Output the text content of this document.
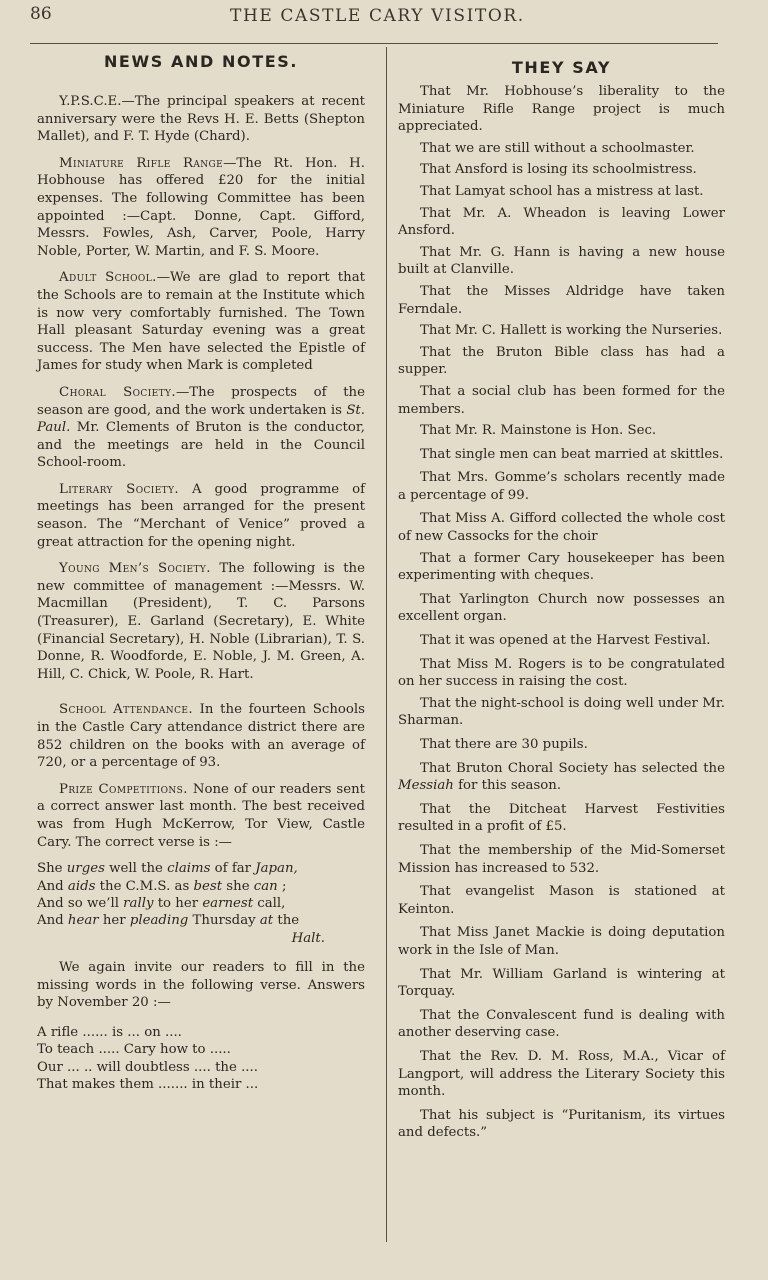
86	THE CASTLE CARY VISITOR.
NEWS AND NOTES.

Y.P.S.C.E.—The principal speakers at recent anniversary were the Revs H. E. Betts (Shepton Mallet), and F. T. Hyde (Chard).

Miniature Rifle Range—The Rt. Hon. H. Hobhouse has offered £20 for the initial expenses. The following Committee has been appointed :—Capt. Donne, Capt. Gifford, Messrs. Fowles, Ash, Carver, Poole, Harry Noble, Porter, W. Martin, and F. S. Moore.

Adult School.—We are glad to report that the Schools are to remain at the Institute which is now very comfortably furnished. The Town Hall pleasant Saturday evening was a great success. The Men have selected the Epistle of James for study when Mark is completed

Choral Society.—The prospects of the season are good, and the work undertaken is St. Paul. Mr. Clements of Bruton is the conductor, and the meetings are held in the Council School-room.

Literary Society. A good programme of meetings has been arranged for the present season. The “Merchant of Venice” proved a great attraction for the opening night.

Young Men’s Society. The following is the new committee of management :—Messrs. W. Macmillan (President), T. C. Parsons (Treasurer), E. Garland (Secretary), E. White (Financial Secretary), H. Noble (Librarian), T. S. Donne, R. Woodforde, E. Noble, J. M. Green, A. Hill, C. Chick, W. Poole, R. Hart.

School Attendance. In the fourteen Schools in the Castle Cary attendance district there are 852 children on the books with an average of 720, or a percentage of 93.

Prize Competitions. None of our readers sent a correct answer last month. The best received was from Hugh McKerrow, Tor View, Castle Cary. The correct verse is :—

She urges well the claims of far Japan,
And aids the C.M.S. as best she can ;
And so we’ll rally to her earnest call,
And hear her pleading Thursday at the
Halt.

We again invite our readers to fill in the missing words in the following verse. Answers by November 20 :—

A rifle ...... is ... on ....
To teach ..... Cary how to .....
Our ... .. will doubtless .... the ....
That makes them ....... in their ...
THEY SAY

That Mr. Hobhouse’s liberality to the Miniature Rifle Range project is much appreciated.

That we are still without a schoolmaster.

That Ansford is losing its schoolmistress.

That Lamyat school has a mistress at last.

That Mr. A. Wheadon is leaving Lower Ansford.

That Mr. G. Hann is having a new house built at Clanville.

That the Misses Aldridge have taken Ferndale.

That Mr. C. Hallett is working the Nurseries.

That the Bruton Bible class has had a supper.

That a social club has been formed for the members.

That Mr. R. Mainstone is Hon. Sec.

That single men can beat married at skittles.

That Mrs. Gomme’s scholars recently made a percentage of 99.

That Miss A. Gifford collected the whole cost of new Cassocks for the choir

That a former Cary housekeeper has been experimenting with cheques.

That Yarlington Church now possesses an excellent organ.

That it was opened at the Harvest Festival.

That Miss M. Rogers is to be congratulated on her success in raising the cost.

That the night-school is doing well under Mr. Sharman.

That there are 30 pupils.

That Bruton Choral Society has selected the Messiah for this season.

That the Ditcheat Harvest Festivities resulted in a profit of £5.

That the membership of the Mid-Somerset Mission has increased to 532.

That evangelist Mason is stationed at Keinton.

That Miss Janet Mackie is doing deputation work in the Isle of Man.

That Mr. William Garland is wintering at Torquay.

That the Convalescent fund is dealing with another deserving case.

That the Rev. D. M. Ross, M.A., Vicar of Langport, will address the Literary Society this month.

That his subject is “Puritanism, its virtues and defects.”
